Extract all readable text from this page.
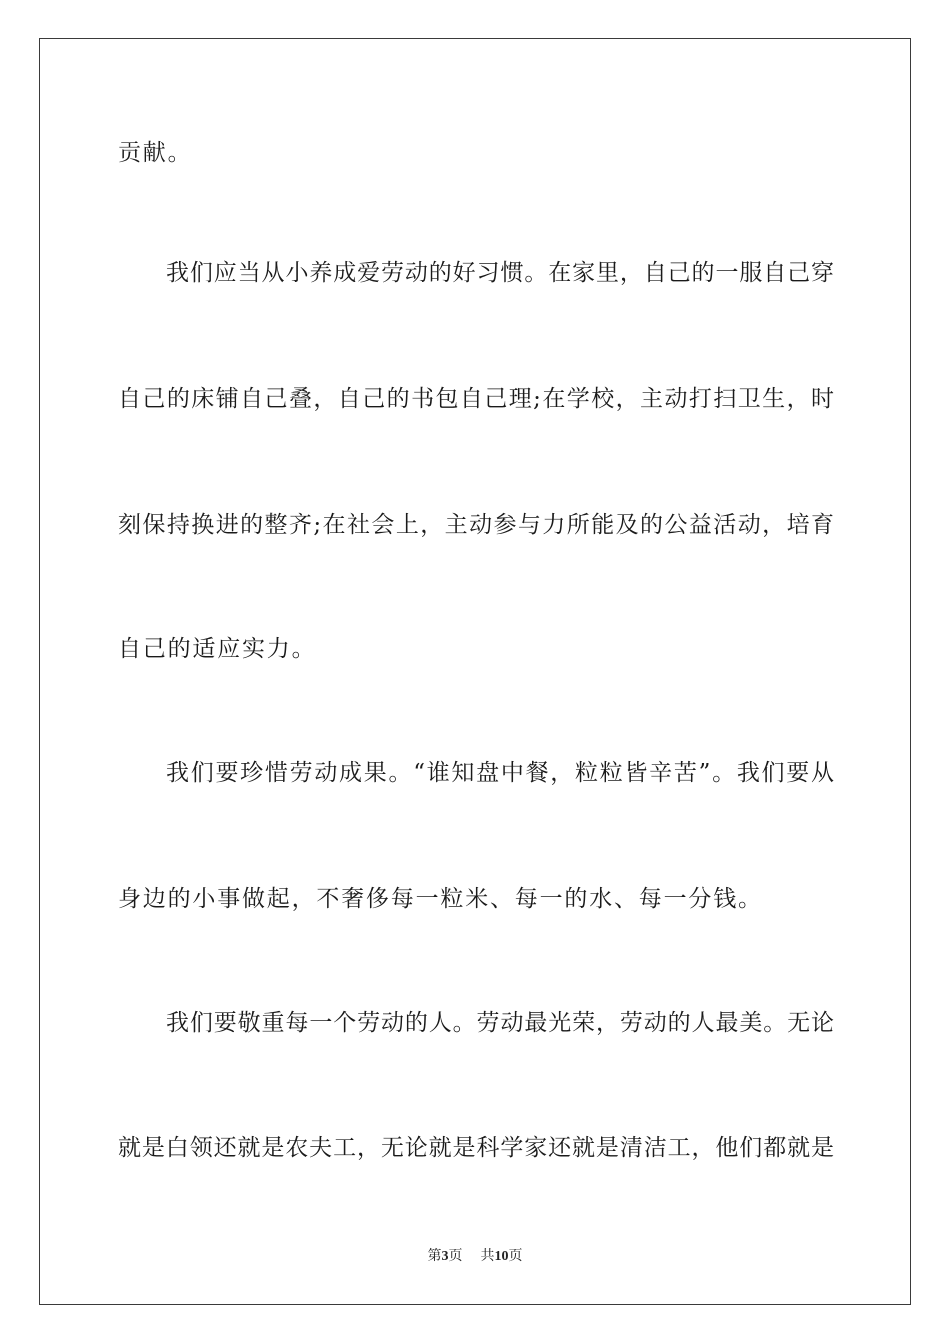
贡献。
我们应当从小养成爱劳动的好习惯。在家里，自己的一服自己穿
自己的床铺自己叠，自己的书包自己理;在学校，主动打扫卫生，时
刻保持换进的整齐;在社会上，主动参与力所能及的公益活动，培育
自己的适应实力。
我们要珍惜劳动成果。“谁知盘中餐，粒粒皆辛苦”。我们要从
身边的小事做起，不奢侈每一粒米、每一的水、每一分钱。
我们要敬重每一个劳动的人。劳动最光荣，劳动的人最美。无论
就是白领还就是农夫工，无论就是科学家还就是清洁工，他们都就是
第3页 共10页
